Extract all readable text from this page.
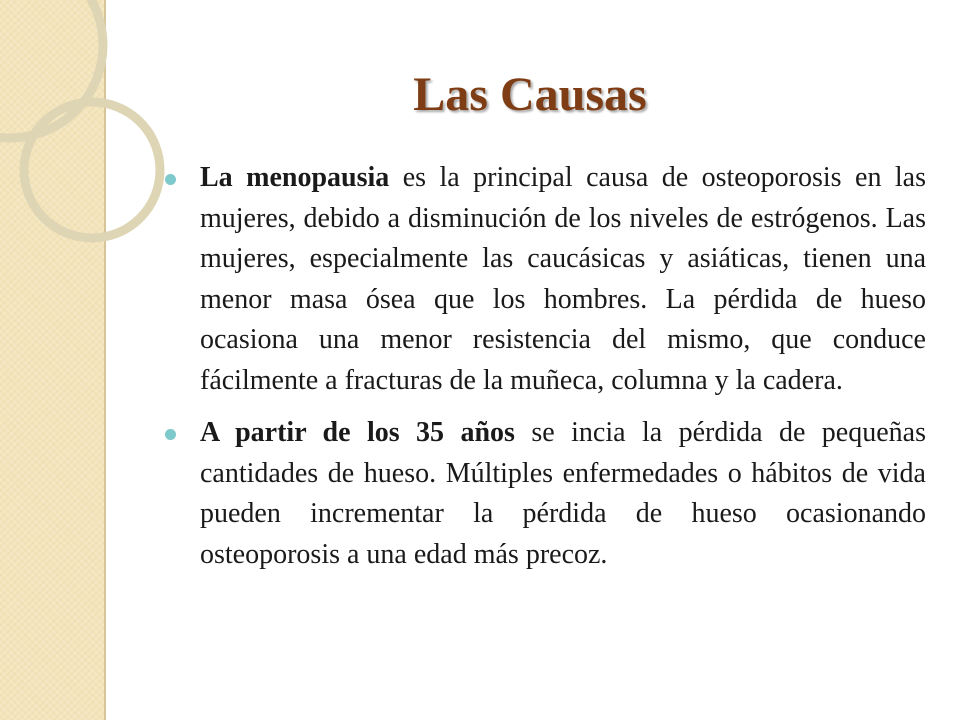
Las Causas

La menopausia es la principal causa de osteoporosis en las mujeres, debido a disminución de los niveles de estrógenos. Las mujeres, especialmente las caucásicas y asiáticas, tienen una menor masa ósea que los hombres. La pérdida de hueso ocasiona una menor resistencia del mismo, que conduce fácilmente a fracturas de la muñeca, columna y la cadera.

A partir de los 35 años se incia la pérdida de pequeñas cantidades de hueso. Múltiples enfermedades o hábitos de vida pueden incrementar la pérdida de hueso ocasionando osteoporosis a una edad más precoz.
